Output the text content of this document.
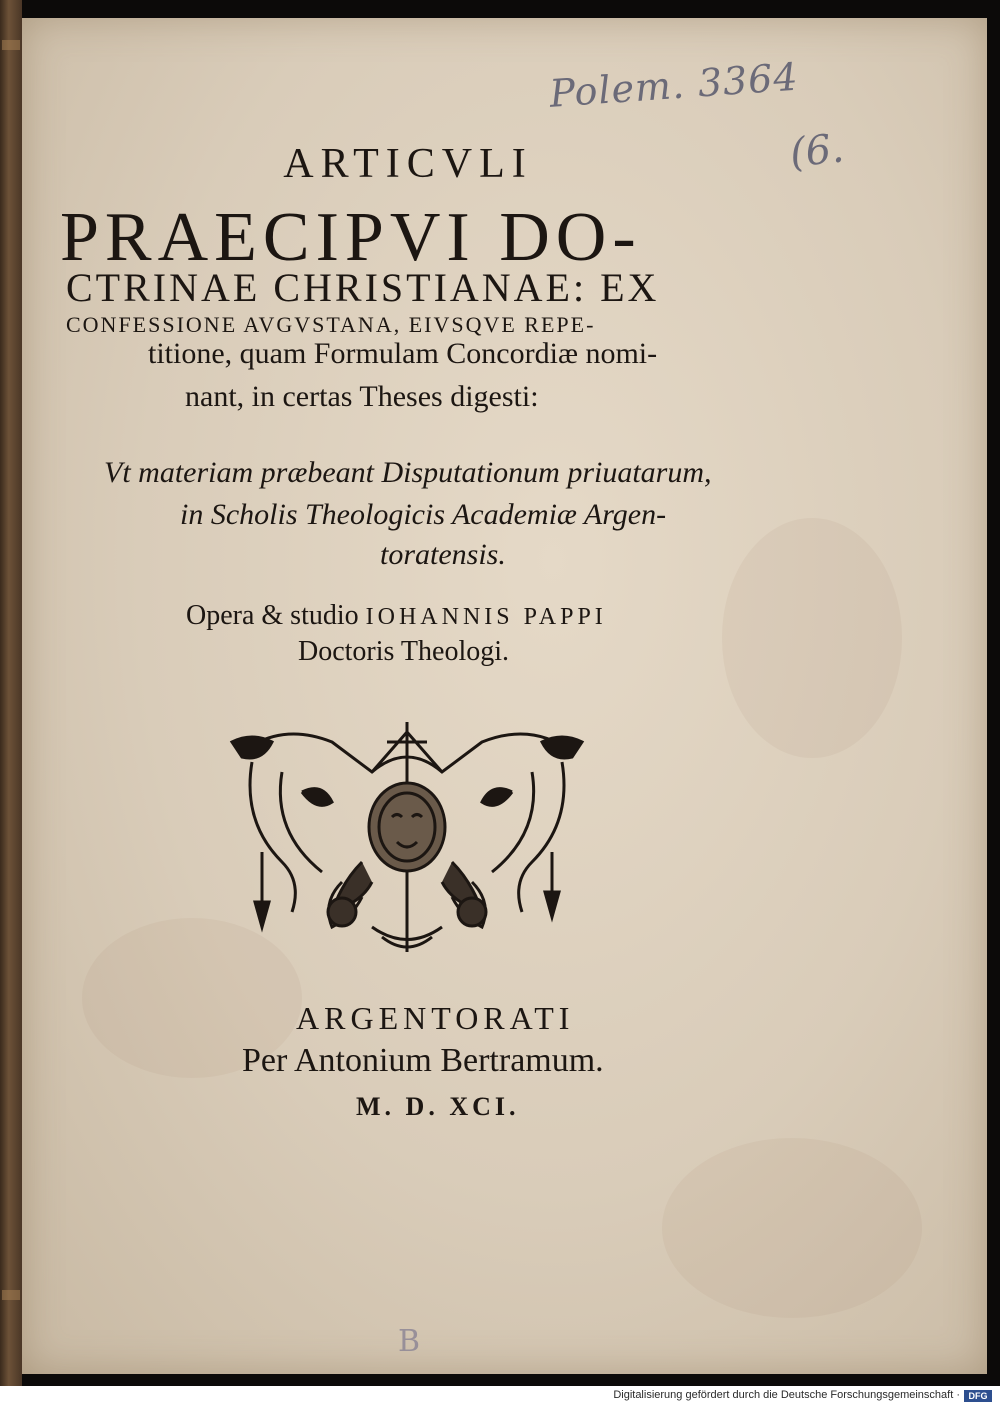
Polem. 3364
(6.
ARTICVLI
PRAECIPVI DO-
CTRINAE CHRISTIANAE: EX
CONFESSIONE AVGVSTANA, EIVSQVE REPE-
titione, quam Formulam Concordiæ nomi-
nant, in certas Theses digesti:
Vt materiam præbeant Disputationum priuatarum,
in Scholis Theologicis Academiæ Argen-
toratensis.
Opera & studio IOHANNIS PAPPI
Doctoris Theologi.
ARGENTORATI
Per Antonium Bertramum.
M. D. XCI.
B
Digitalisierung gefördert durch die Deutsche Forschungsgemeinschaft · DFG
